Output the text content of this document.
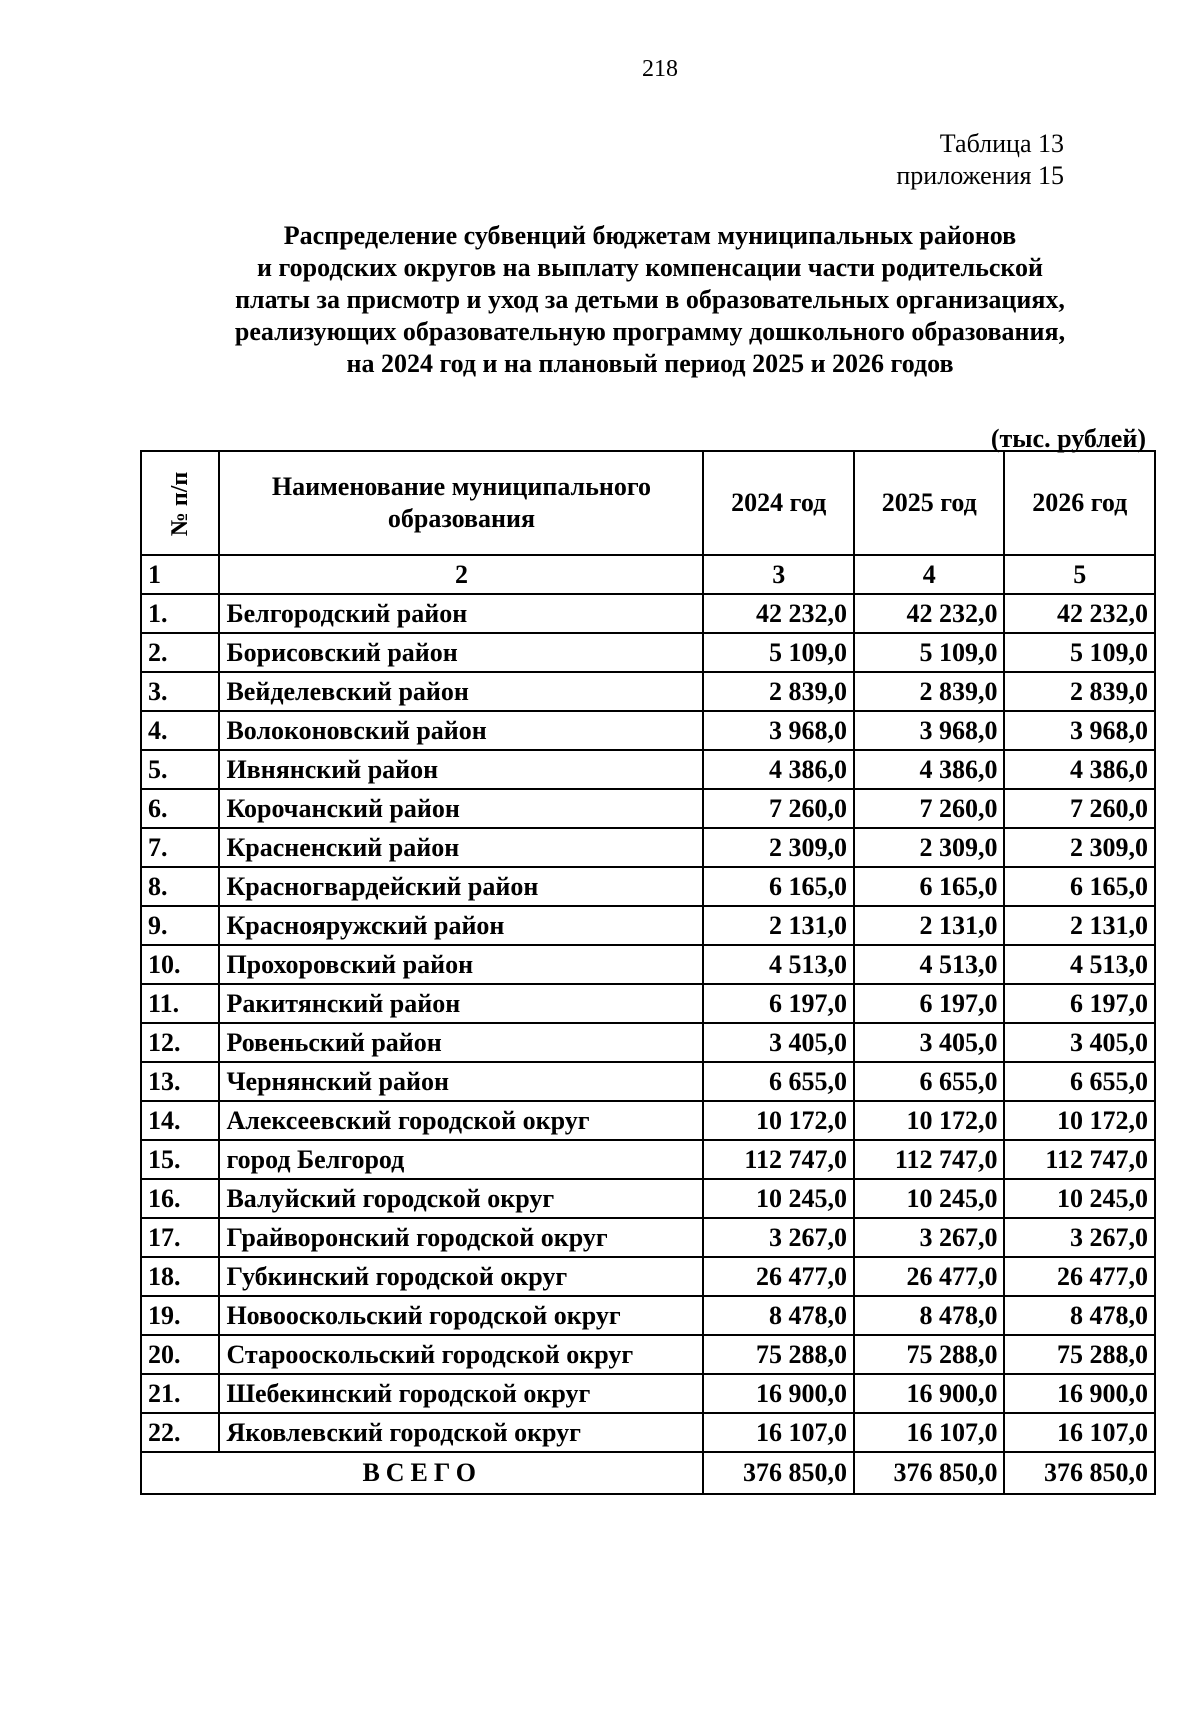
218
Таблица 13
приложения 15
Распределение субвенций бюджетам муниципальных районов
и городских округов на выплату компенсации части родительской
платы за присмотр и уход за детьми в образовательных организациях,
реализующих образовательную программу дошкольного образования,
на 2024 год и на плановый период 2025 и 2026 годов
(тыс. рублей)
№ п/п	Наименование муниципального образования	2024 год	2025 год	2026 год
1	2	3	4	5
1.	Белгородский район	42 232,0	42 232,0	42 232,0
2.	Борисовский район	5 109,0	5 109,0	5 109,0
3.	Вейделевский район	2 839,0	2 839,0	2 839,0
4.	Волоконовский район	3 968,0	3 968,0	3 968,0
5.	Ивнянский район	4 386,0	4 386,0	4 386,0
6.	Корочанский район	7 260,0	7 260,0	7 260,0
7.	Красненский район	2 309,0	2 309,0	2 309,0
8.	Красногвардейский район	6 165,0	6 165,0	6 165,0
9.	Краснояружский район	2 131,0	2 131,0	2 131,0
10.	Прохоровский район	4 513,0	4 513,0	4 513,0
11.	Ракитянский район	6 197,0	6 197,0	6 197,0
12.	Ровеньский район	3 405,0	3 405,0	3 405,0
13.	Чернянский район	6 655,0	6 655,0	6 655,0
14.	Алексеевский городской округ	10 172,0	10 172,0	10 172,0
15.	город Белгород	112 747,0	112 747,0	112 747,0
16.	Валуйский городской округ	10 245,0	10 245,0	10 245,0
17.	Грайворонский городской округ	3 267,0	3 267,0	3 267,0
18.	Губкинский городской округ	26 477,0	26 477,0	26 477,0
19.	Новооскольский городской округ	8 478,0	8 478,0	8 478,0
20.	Старооскольский городской округ	75 288,0	75 288,0	75 288,0
21.	Шебекинский городской округ	16 900,0	16 900,0	16 900,0
22.	Яковлевский городской округ	16 107,0	16 107,0	16 107,0
ВСЕГО		376 850,0	376 850,0	376 850,0
